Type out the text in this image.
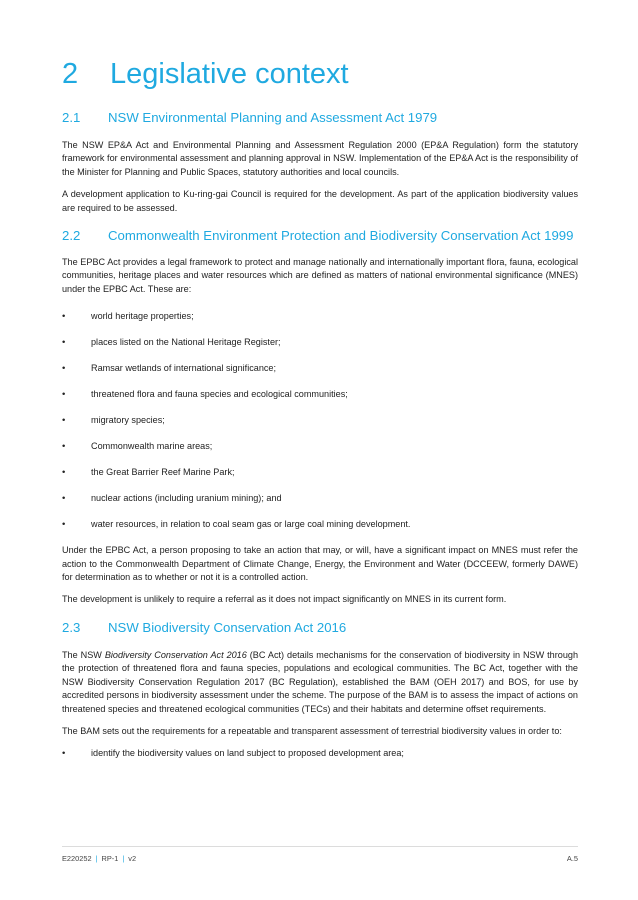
2	Legislative context
2.1	NSW Environmental Planning and Assessment Act 1979

The NSW EP&A Act and Environmental Planning and Assessment Regulation 2000 (EP&A Regulation) form the statutory framework for environmental assessment and planning approval in NSW. Implementation of the EP&A Act is the responsibility of the Minister for Planning and Public Spaces, statutory authorities and local councils.

A development application to Ku-ring-gai Council is required for the development. As part of the application biodiversity values are required to be assessed.

2.2	Commonwealth Environment Protection and Biodiversity Conservation Act 1999

The EPBC Act provides a legal framework to protect and manage nationally and internationally important flora, fauna, ecological communities, heritage places and water resources which are defined as matters of national environmental significance (MNES) under the EPBC Act. These are:

• world heritage properties;
• places listed on the National Heritage Register;
• Ramsar wetlands of international significance;
• threatened flora and fauna species and ecological communities;
• migratory species;
• Commonwealth marine areas;
• the Great Barrier Reef Marine Park;
• nuclear actions (including uranium mining); and
• water resources, in relation to coal seam gas or large coal mining development.

Under the EPBC Act, a person proposing to take an action that may, or will, have a significant impact on MNES must refer the action to the Commonwealth Department of Climate Change, Energy, the Environment and Water (DCCEEW, formerly DAWE) for determination as to whether or not it is a controlled action.

The development is unlikely to require a referral as it does not impact significantly on MNES in its current form.

2.3	NSW Biodiversity Conservation Act 2016

The NSW Biodiversity Conservation Act 2016 (BC Act) details mechanisms for the conservation of biodiversity in NSW through the protection of threatened flora and fauna species, populations and ecological communities. The BC Act, together with the NSW Biodiversity Conservation Regulation 2017 (BC Regulation), established the BAM (OEH 2017) and BOS, for use by accredited persons in biodiversity assessment under the scheme. The purpose of the BAM is to assess the impact of actions on threatened species and threatened ecological communities (TECs) and their habitats and determine offset requirements.

The BAM sets out the requirements for a repeatable and transparent assessment of terrestrial biodiversity values in order to:

• identify the biodiversity values on land subject to proposed development area;
E220252 | RP-1 | v2	A.5
